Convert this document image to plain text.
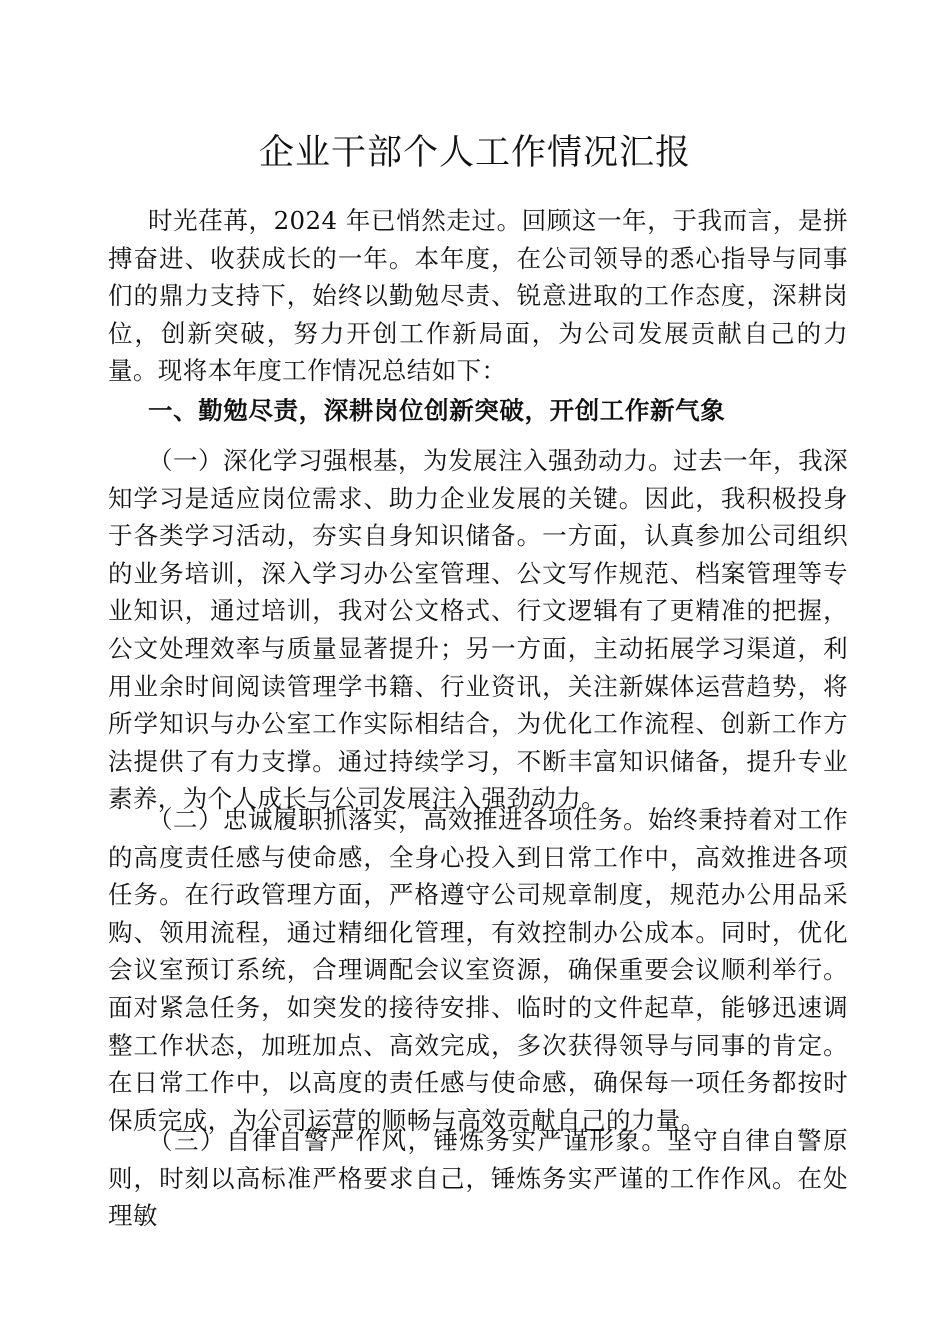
企业干部个人工作情况汇报

时光荏苒，2024 年已悄然走过。回顾这一年，于我而言，是拼搏奋进、收获成长的一年。本年度，在公司领导的悉心指导与同事们的鼎力支持下，始终以勤勉尽责、锐意进取的工作态度，深耕岗位，创新突破，努力开创工作新局面，为公司发展贡献自己的力量。现将本年度工作情况总结如下：

一、勤勉尽责，深耕岗位创新突破，开创工作新气象

（一）深化学习强根基，为发展注入强劲动力。过去一年，我深知学习是适应岗位需求、助力企业发展的关键。因此，我积极投身于各类学习活动，夯实自身知识储备。一方面，认真参加公司组织的业务培训，深入学习办公室管理、公文写作规范、档案管理等专业知识，通过培训，我对公文格式、行文逻辑有了更精准的把握，公文处理效率与质量显著提升；另一方面，主动拓展学习渠道，利用业余时间阅读管理学书籍、行业资讯，关注新媒体运营趋势，将所学知识与办公室工作实际相结合，为优化工作流程、创新工作方法提供了有力支撑。通过持续学习，不断丰富知识储备，提升专业素养，为个人成长与公司发展注入强劲动力。

（二）忠诚履职抓落实，高效推进各项任务。始终秉持着对工作的高度责任感与使命感，全身心投入到日常工作中，高效推进各项任务。在行政管理方面，严格遵守公司规章制度，规范办公用品采购、领用流程，通过精细化管理，有效控制办公成本。同时，优化会议室预订系统，合理调配会议室资源，确保重要会议顺利举行。面对紧急任务，如突发的接待安排、临时的文件起草，能够迅速调整工作状态，加班加点、高效完成，多次获得领导与同事的肯定。在日常工作中，以高度的责任感与使命感，确保每一项任务都按时保质完成，为公司运营的顺畅与高效贡献自己的力量。

（三）自律自警严作风，锤炼务实严谨形象。坚守自律自警原则，时刻以高标准严格要求自己，锤炼务实严谨的工作作风。在处理敏
